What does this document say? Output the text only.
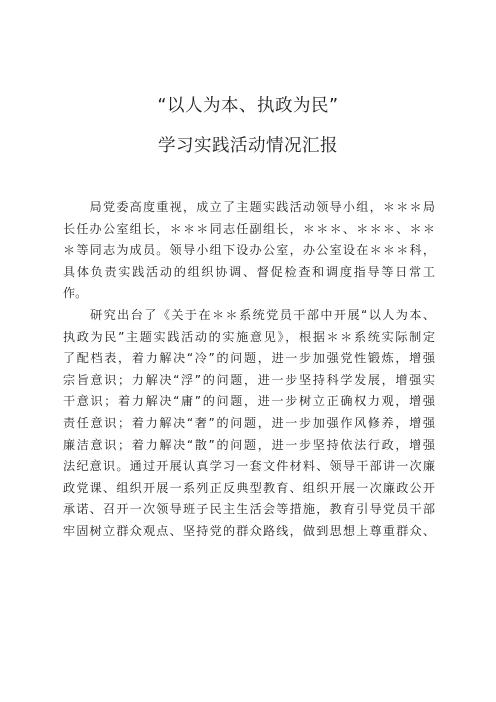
“以人为本、执政为民”
学习实践活动情况汇报
　　局党委高度重视，成立了主题实践活动领导小组，＊＊＊局
长任办公室组长，＊＊＊同志任副组长，＊＊＊、＊＊＊、＊＊
＊等同志为成员。领导小组下设办公室，办公室设在＊＊＊科，
具体负责实践活动的组织协调、督促检查和调度指导等日常工
作。
　　研究出台了《关于在＊＊系统党员干部中开展“以人为本、
执政为民”主题实践活动的实施意见》，根据＊＊系统实际制定
了配档表，着力解决“冷”的问题，进一步加强党性锻炼，增强
宗旨意识；力解决“浮”的问题，进一步坚持科学发展，增强实
干意识；着力解决“庸”的问题，进一步树立正确权力观，增强
责任意识；着力解决“奢”的问题，进一步加强作风修养，增强
廉洁意识；着力解决“散”的问题，进一步坚持依法行政，增强
法纪意识。通过开展认真学习一套文件材料、领导干部讲一次廉
政党课、组织开展一系列正反典型教育、组织开展一次廉政公开
承诺、召开一次领导班子民主生活会等措施，教育引导党员干部
牢固树立群众观点、坚持党的群众路线，做到思想上尊重群众、
